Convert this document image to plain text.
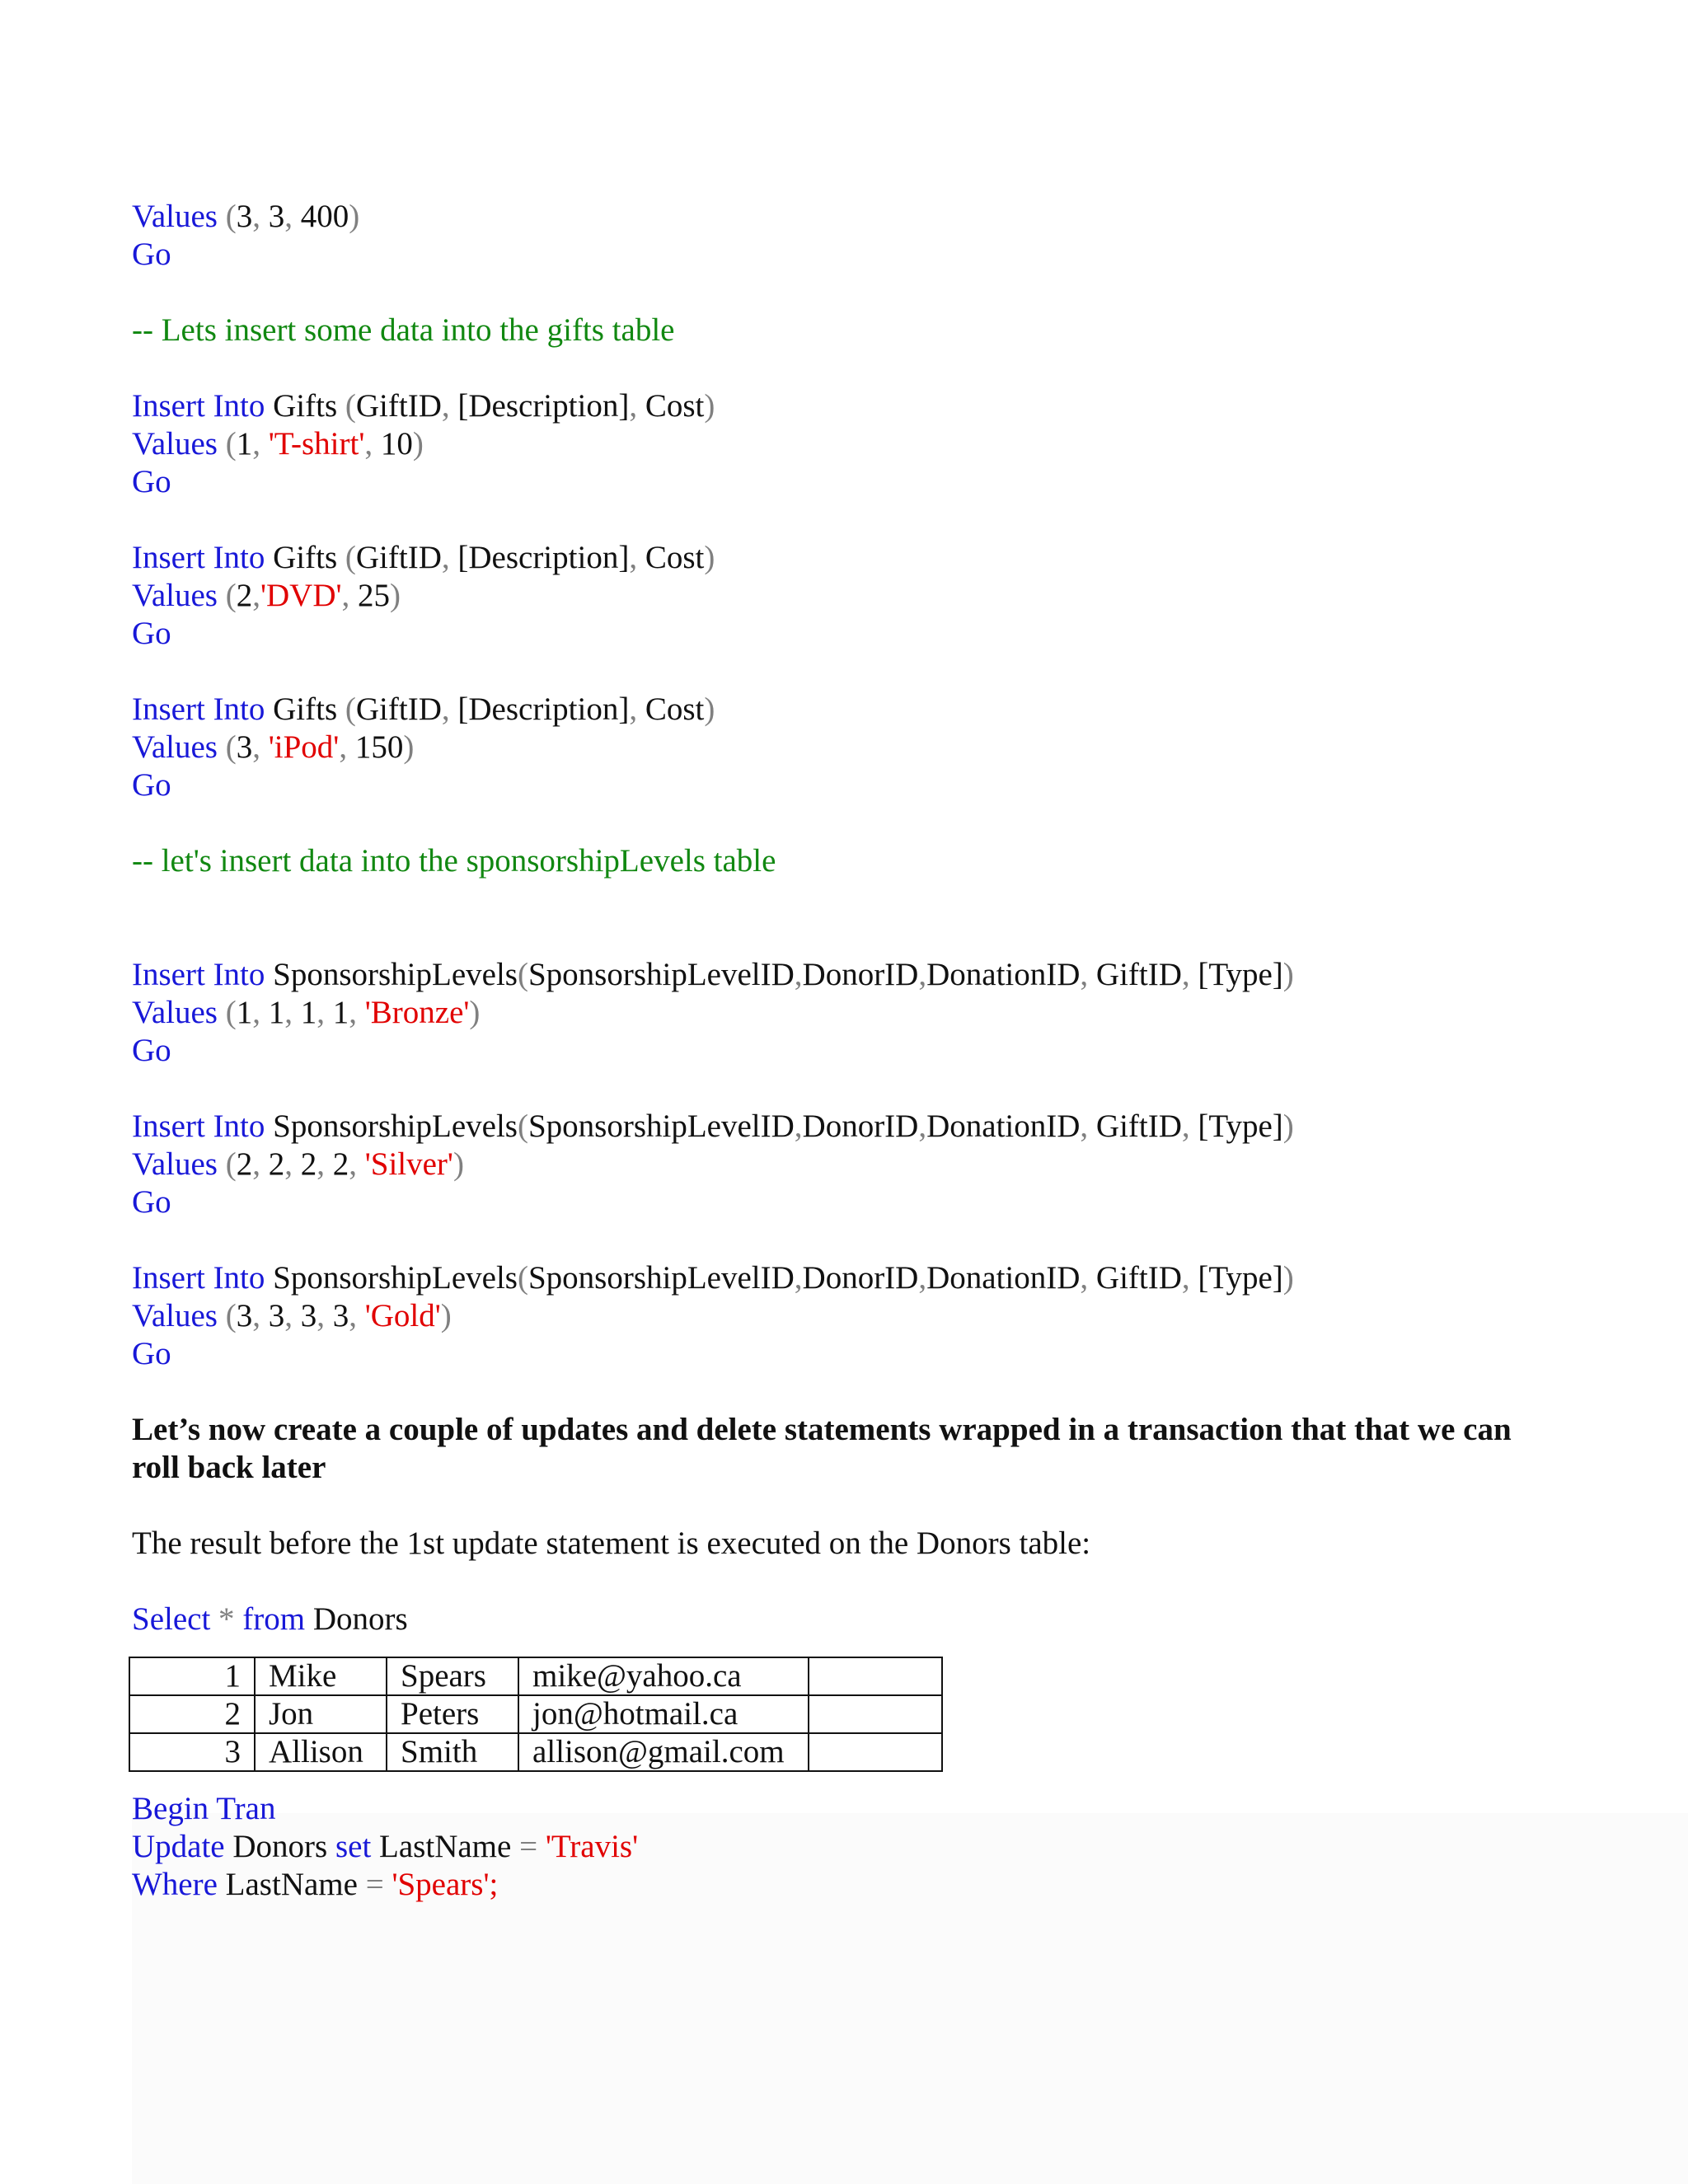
Values (3, 3, 400)
Go
-- Lets insert some data into the gifts table
Insert Into Gifts (GiftID, [Description], Cost)
Values (1, 'T-shirt', 10)
Go
Insert Into Gifts (GiftID, [Description], Cost)
Values (2,'DVD', 25)
Go
Insert Into Gifts (GiftID, [Description], Cost)
Values (3, 'iPod', 150)
Go
-- let's insert data into the sponsorshipLevels table
Insert Into SponsorshipLevels(SponsorshipLevelID,DonorID,DonationID, GiftID, [Type])
Values (1, 1, 1, 1, 'Bronze')
Go
Insert Into SponsorshipLevels(SponsorshipLevelID,DonorID,DonationID, GiftID, [Type])
Values (2, 2, 2, 2, 'Silver')
Go
Insert Into SponsorshipLevels(SponsorshipLevelID,DonorID,DonationID, GiftID, [Type])
Values (3, 3, 3, 3, 'Gold')
Go
Let’s now create a couple of updates and delete statements wrapped in a transaction that that we can roll back later
The result before the 1st update statement is executed on the Donors table:
Select * from Donors
1	Mike	Spears	mike@yahoo.ca	
2	Jon	Peters	jon@hotmail.ca	
3	Allison	Smith	allison@gmail.com	
Begin Tran
Update Donors set LastName = 'Travis'
Where LastName = 'Spears';
